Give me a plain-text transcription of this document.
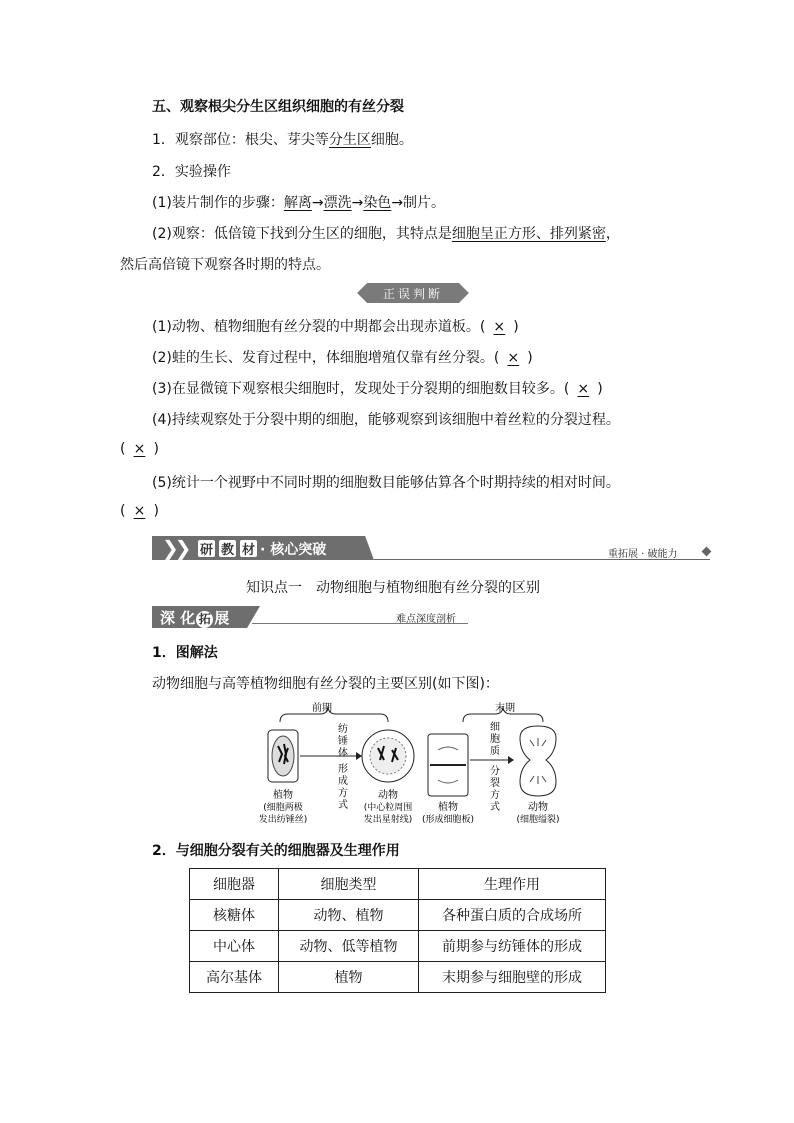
五、观察根尖分生区组织细胞的有丝分裂
1．观察部位：根尖、芽尖等分生区细胞。
2．实验操作
(1)装片制作的步骤：解离→漂洗→染色→制片。
(2)观察：低倍镜下找到分生区的细胞，其特点是细胞呈正方形、排列紧密，
然后高倍镜下观察各时期的特点。
正误判断
(1)动物、植物细胞有丝分裂的中期都会出现赤道板。( × )
(2)蛙的生长、发育过程中，体细胞增殖仅靠有丝分裂。( × )
(3)在显微镜下观察根尖细胞时，发现处于分裂期的细胞数目较多。( × )
(4)持续观察处于分裂中期的细胞，能够观察到该细胞中着丝粒的分裂过程。
( × )
(5)统计一个视野中不同时期的细胞数目能够估算各个时期持续的相对时间。
( × )
❯❯ 研 教 材 · 核心突破	重拓展 · 破能力
知识点一　动物细胞与植物细胞有丝分裂的区别
深 化 拓 展	难点深度剖析
1．图解法
动物细胞与高等植物细胞有丝分裂的主要区别(如下图)：
前期	末期
纺
锤
体
形
成
方
式
植物
(细胞两极
发出纺锤丝)
动物
(中心粒周围
发出星射线)
细
胞
质
分
裂
方
式
植物
(形成细胞板)
动物
(细胞缢裂)
2．与细胞分裂有关的细胞器及生理作用
细胞器	细胞类型	生理作用
核糖体	动物、植物	各种蛋白质的合成场所
中心体	动物、低等植物	前期参与纺锤体的形成
高尔基体	植物	末期参与细胞壁的形成
